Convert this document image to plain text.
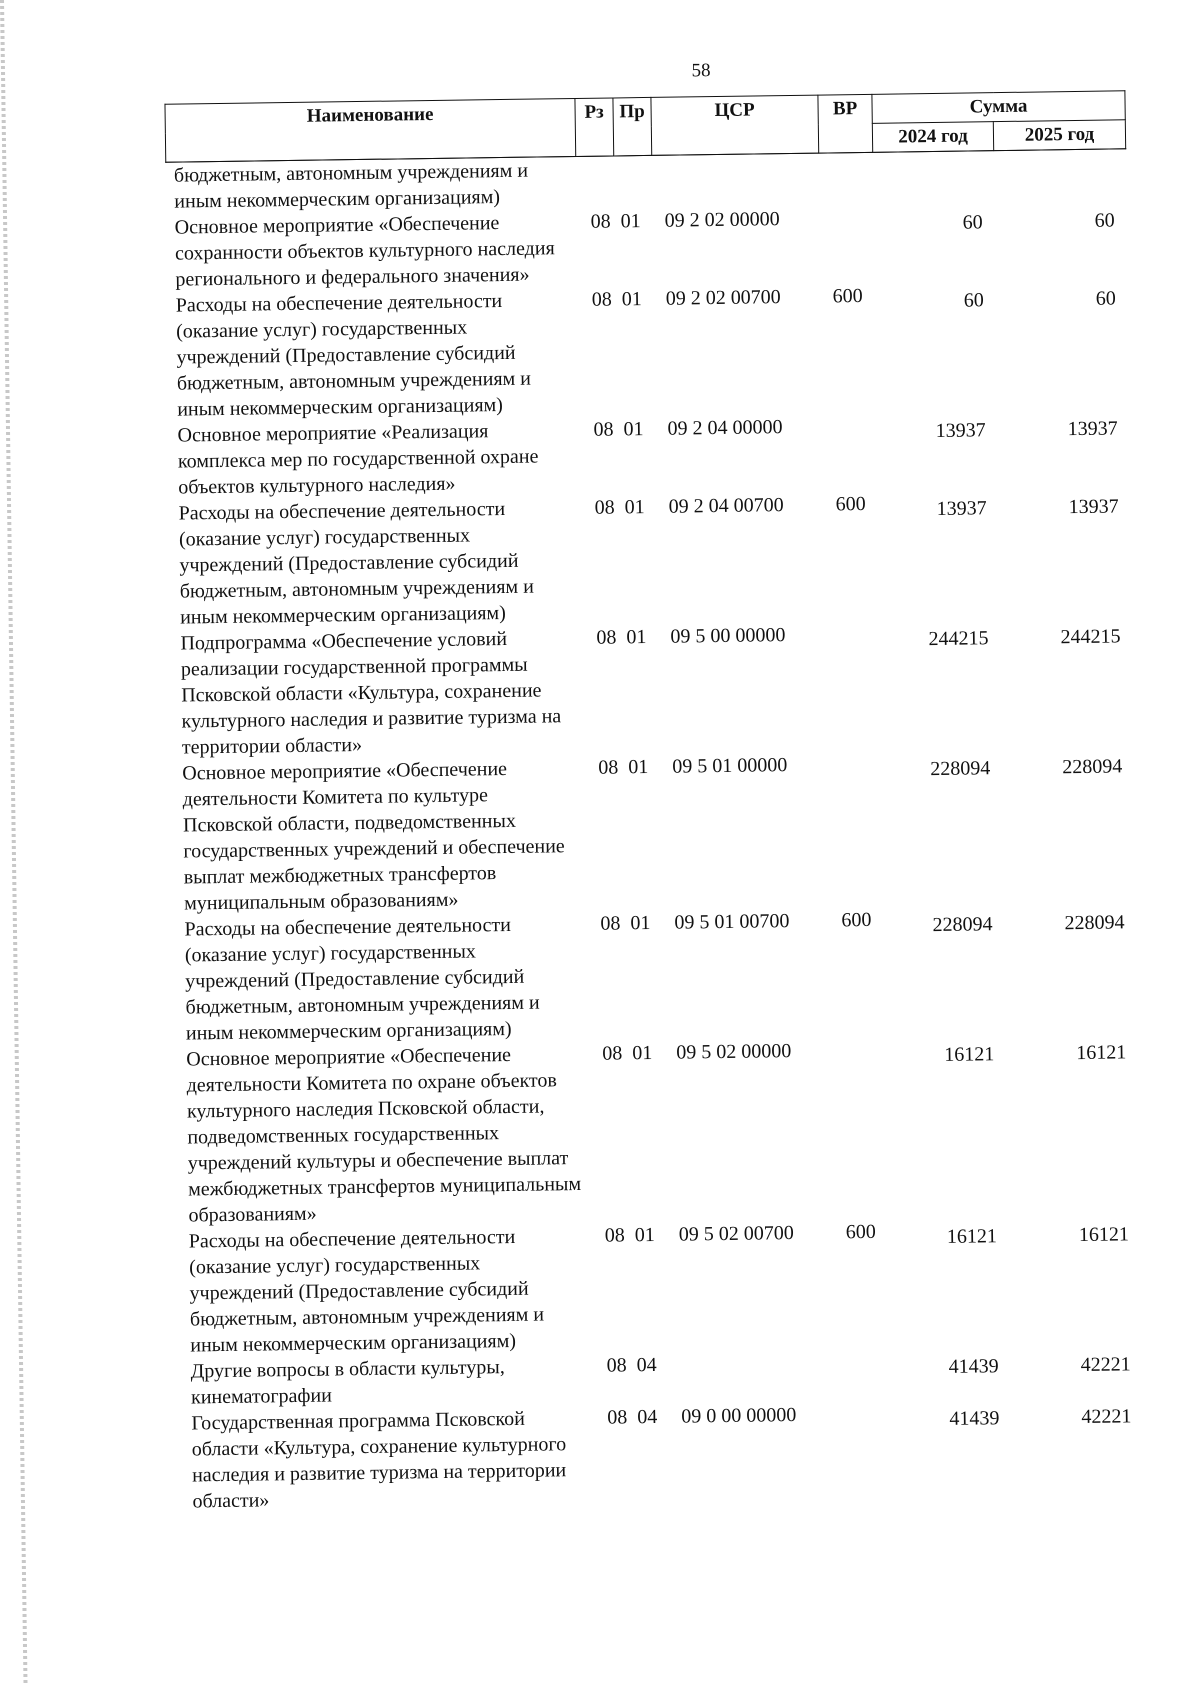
58
Наименование	Рз	Пр	ЦСР	ВР	Сумма	
					2024 год	2025 год
бюджетным, автономным учреждениям и иным некоммерческим организациям)						
Основное мероприятие «Обеспечение сохранности объектов культурного наследия регионального и федерального значения»	08	01	09 2 02 00000		60	60
Расходы на обеспечение деятельности (оказание услуг) государственных учреждений (Предоставление субсидий бюджетным, автономным учреждениям и иным некоммерческим организациям)	08	01	09 2 02 00700	600	60	60
Основное мероприятие «Реализация комплекса мер по государственной охране объектов культурного наследия»	08	01	09 2 04 00000		13937	13937
Расходы на обеспечение деятельности (оказание услуг) государственных учреждений (Предоставление субсидий бюджетным, автономным учреждениям и иным некоммерческим организациям)	08	01	09 2 04 00700	600	13937	13937
Подпрограмма «Обеспечение условий реализации государственной программы Псковской области «Культура, сохранение культурного наследия и развитие туризма на территории области»	08	01	09 5 00 00000		244215	244215
Основное мероприятие «Обеспечение деятельности Комитета по культуре Псковской области, подведомственных государственных учреждений и обеспечение выплат межбюджетных трансфертов муниципальным образованиям»	08	01	09 5 01 00000		228094	228094
Расходы на обеспечение деятельности (оказание услуг) государственных учреждений (Предоставление субсидий бюджетным, автономным учреждениям и иным некоммерческим организациям)	08	01	09 5 01 00700	600	228094	228094
Основное мероприятие «Обеспечение деятельности Комитета по охране объектов культурного наследия Псковской области, подведомственных государственных учреждений культуры и обеспечение выплат межбюджетных трансфертов муниципальным образованиям»	08	01	09 5 02 00000		16121	16121
Расходы на обеспечение деятельности (оказание услуг) государственных учреждений (Предоставление субсидий бюджетным, автономным учреждениям и иным некоммерческим организациям)	08	01	09 5 02 00700	600	16121	16121
Другие вопросы в области культуры, кинематографии	08	04			41439	42221
Государственная программа Псковской области «Культура, сохранение культурного наследия и развитие туризма на территории области»	08	04	09 0 00 00000		41439	42221
